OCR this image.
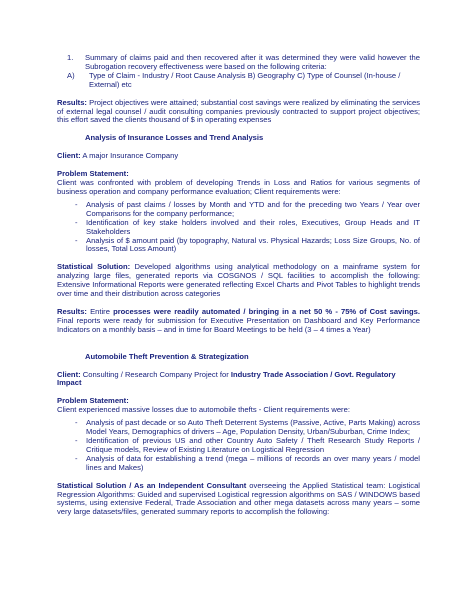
1.	Summary of claims paid and then recovered after it was determined they were valid however the Subrogation recovery effectiveness were based on the following criteria:
A)	Type of Claim - Industry / Root Cause Analysis B) Geography C) Type of Counsel (In-house / External) etc

Results: Project objectives were attained; substantial cost savings were realized by eliminating the services of external legal counsel / audit consulting companies previously contracted to support project objectives; this effort saved the clients thousand of $ in operating expenses

Analysis of Insurance Losses and Trend Analysis

Client: A major Insurance Company

Problem Statement:

Client was confronted with problem of developing Trends in Loss and Ratios for various segments of business operation and company performance evaluation; Client requirements were:

- Analysis of past claims / losses by Month and YTD and for the preceding two Years / Year over Comparisons for the company performance;
- Identification of key stake holders involved and their roles, Executives, Group Heads and IT Stakeholders
- Analysis of $ amount paid (by topography, Natural vs. Physical Hazards; Loss Size Groups, No. of losses, Total Loss Amount)

Statistical Solution: Developed algorithms using analytical methodology on a mainframe system for analyzing large files, generated reports via COSGNOS / SQL facilities to accomplish the following: Extensive Informational Reports were generated reflecting Excel Charts and Pivot Tables to highlight trends over time and their distribution across categories

Results: Entire processes were readily automated / bringing in a net 50 % - 75% of Cost savings. Final reports were ready for submission for Executive Presentation on Dashboard and Key Performance Indicators on a monthly basis – and in time for Board Meetings to be held (3 – 4 times a Year)

Automobile Theft Prevention & Strategization

Client: Consulting / Research Company Project for Industry Trade Association / Govt. Regulatory Impact

Problem Statement:

Client experienced massive losses due to automobile thefts - Client requirements were:

- Analysis of past decade or so Auto Theft Deterrent Systems (Passive, Active, Parts Making) across Model Years, Demographics of drivers – Age, Population Density, Urban/Suburban, Crime Index;
- Identification of previous US and other Country Auto Safety / Theft Research Study Reports / Critique models, Review of Existing Literature on Logistical Regression
- Analysis of data for establishing a trend (mega – millions of records an over many years / model lines and Makes)

Statistical Solution / As an Independent Consultant overseeing the Applied Statistical team: Logistical Regression Algorithms: Guided and supervised Logistical regression algorithms on SAS / WINDOWS based systems, using extensive Federal, Trade Association and other mega datasets across many years – some very large datasets/files, generated summary reports to accomplish the following:
